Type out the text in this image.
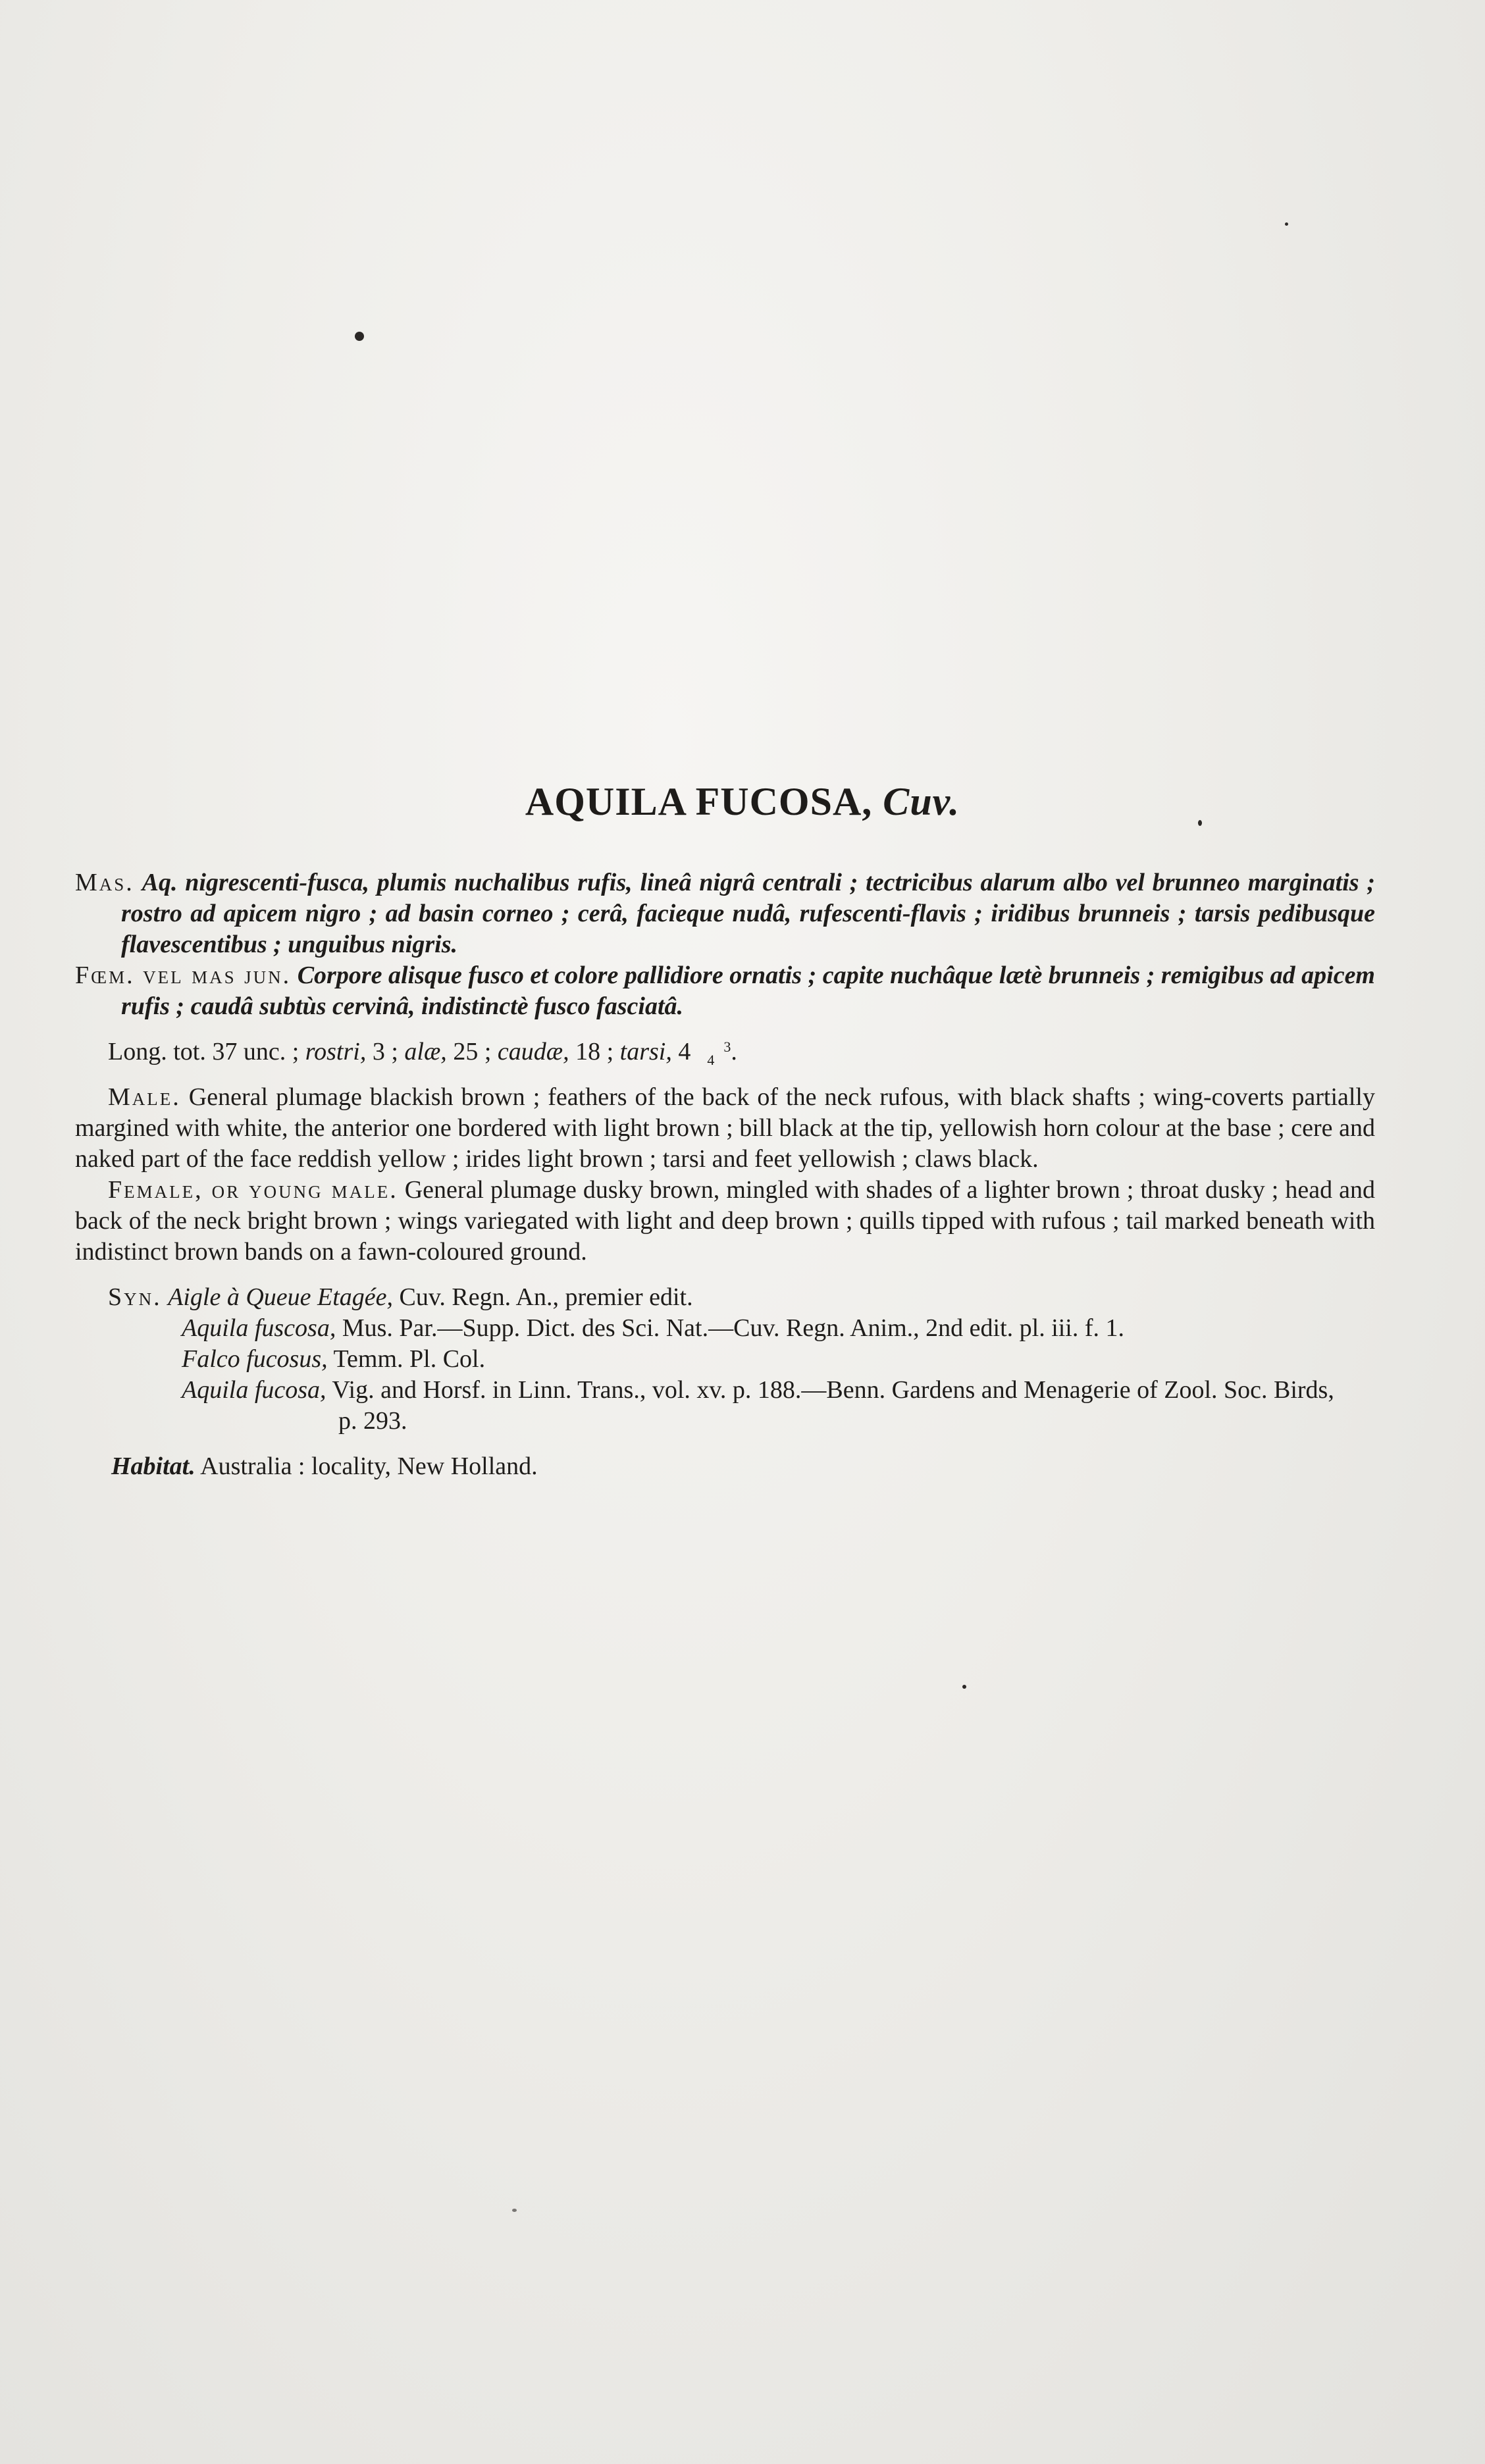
AQUILA FUCOSA, Cuv.
Mas. Aq. nigrescenti-fusca, plumis nuchalibus rufis, lineâ nigrâ centrali ; tectricibus alarum albo vel brunneo marginatis ; rostro ad apicem nigro ; ad basin corneo ; cerâ, facieque nudâ, rufescenti-flavis ; iridibus brunneis ; tarsis pedibusque flavescentibus ; unguibus nigris.
Fœm. vel mas jun. Corpore alisque fusco et colore pallidiore ornatis ; capite nuchâque lætè brunneis ; remigibus ad apicem rufis ; caudâ subtùs cervinâ, indistinctè fusco fasciatâ.
Long. tot. 37 unc. ; rostri, 3 ; alæ, 25 ; caudæ, 18 ; tarsi, 4 3
4 .
Male. General plumage blackish brown ; feathers of the back of the neck rufous, with black shafts ; wing-coverts partially margined with white, the anterior one bordered with light brown ; bill black at the tip, yellowish horn colour at the base ; cere and naked part of the face reddish yellow ; irides light brown ; tarsi and feet yellowish ; claws black.
Female, or young male. General plumage dusky brown, mingled with shades of a lighter brown ; throat dusky ; head and back of the neck bright brown ; wings variegated with light and deep brown ; quills tipped with rufous ; tail marked beneath with indistinct brown bands on a fawn-coloured ground.
Syn. Aigle à Queue Etagée, Cuv. Regn. An., premier edit.
Aquila fuscosa, Mus. Par.—Supp. Dict. des Sci. Nat.—Cuv. Regn. Anim., 2nd edit. pl. iii. f. 1.
Falco fucosus, Temm. Pl. Col.
Aquila fucosa, Vig. and Horsf. in Linn. Trans., vol. xv. p. 188.—Benn. Gardens and Menagerie of Zool. Soc. Birds, p. 293.
Habitat. Australia : locality, New Holland.
